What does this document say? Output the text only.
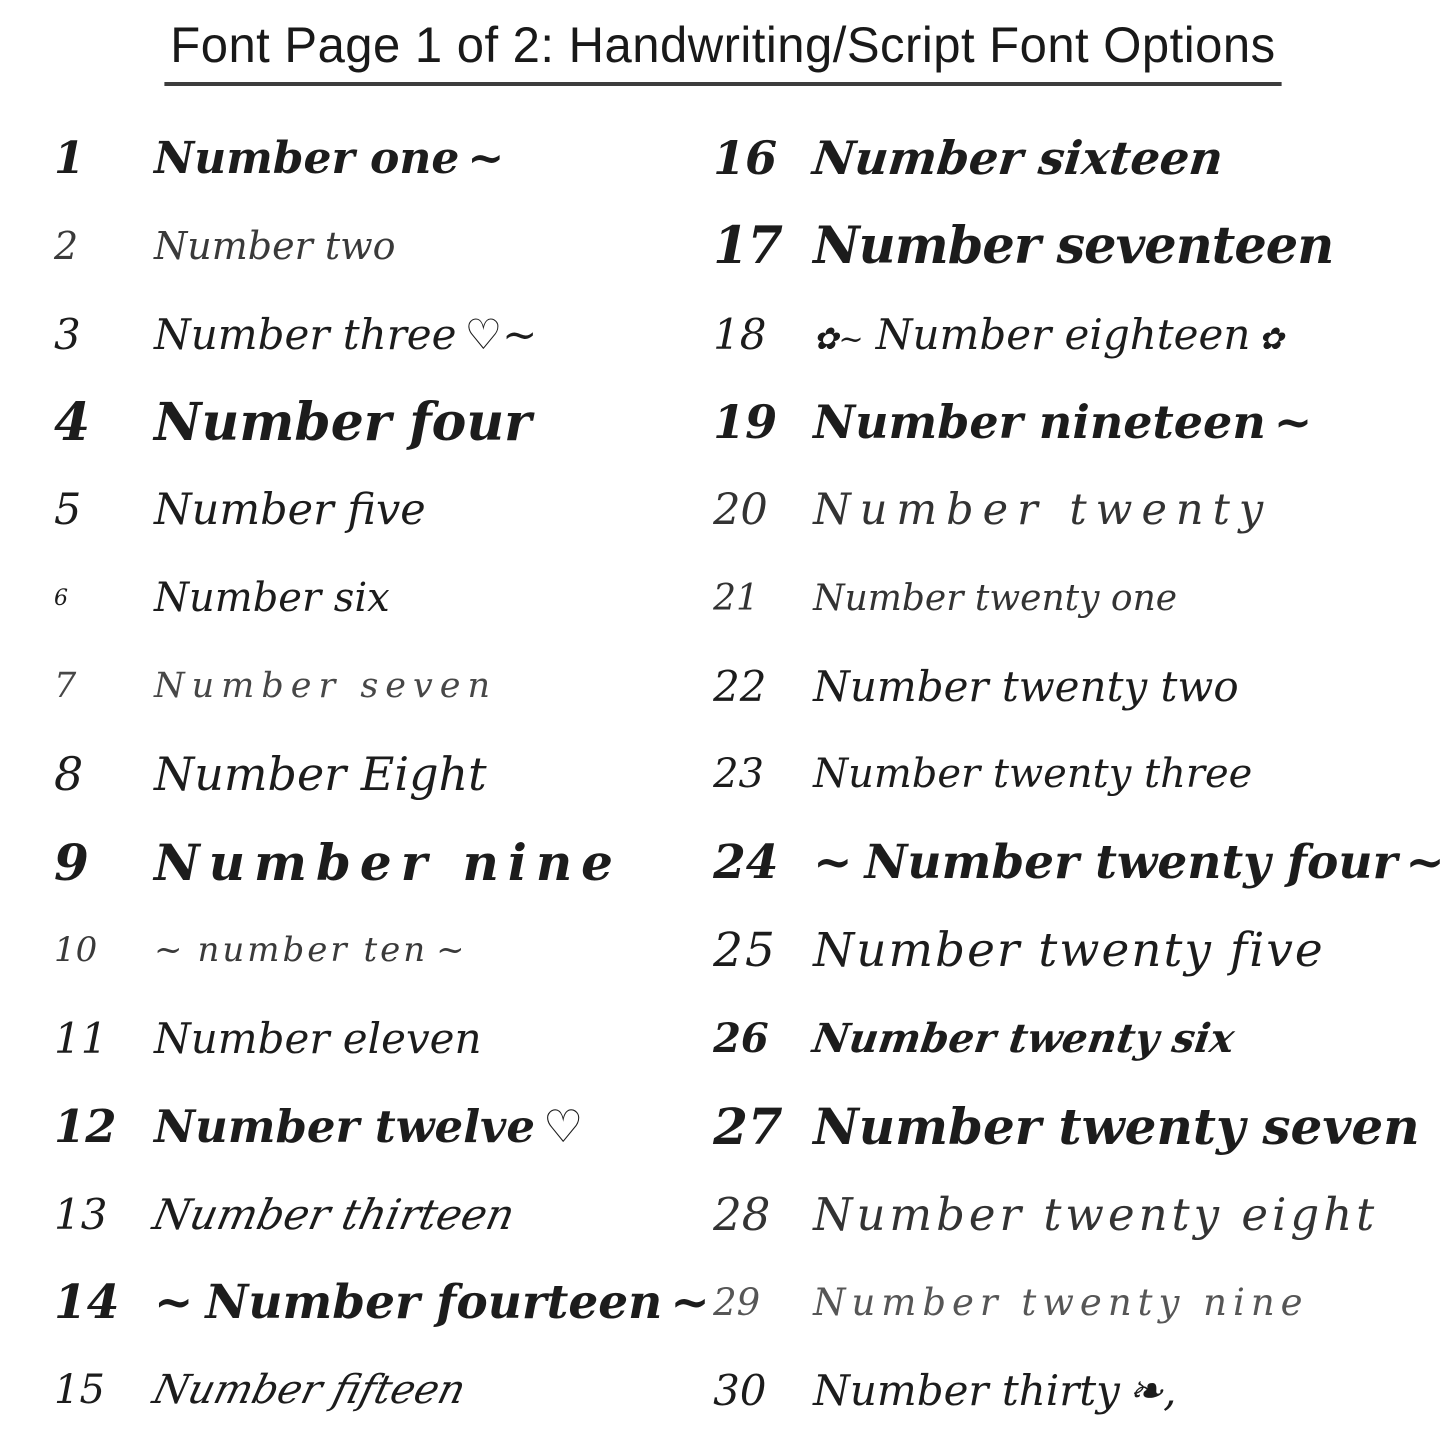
Font Page 1 of 2: Handwriting/Script Font Options
1	Number one ~
2	Number two
3	Number three ♡~
4	Number four
5	Number five
6	Number six
7	Number seven
8	Number Eight
9	Number nine
10	~ number ten ~
11	Number eleven
12 Number twelve ♡
13 Number thirteen
14 ~ Number fourteen ~
15	Number fifteen
16 Number sixteen
17 Number seventeen
18	✿~ Number eighteen ✿
19 Number nineteen ~
20	Number twenty
21	Number twenty one
22	Number twenty two
23	Number twenty three
24 ~ Number twenty four ~
25 Number twenty five
26	Number twenty six
27 Number twenty seven
28 Number twenty eight
29	Number twenty nine
30	Number thirty ❧,
